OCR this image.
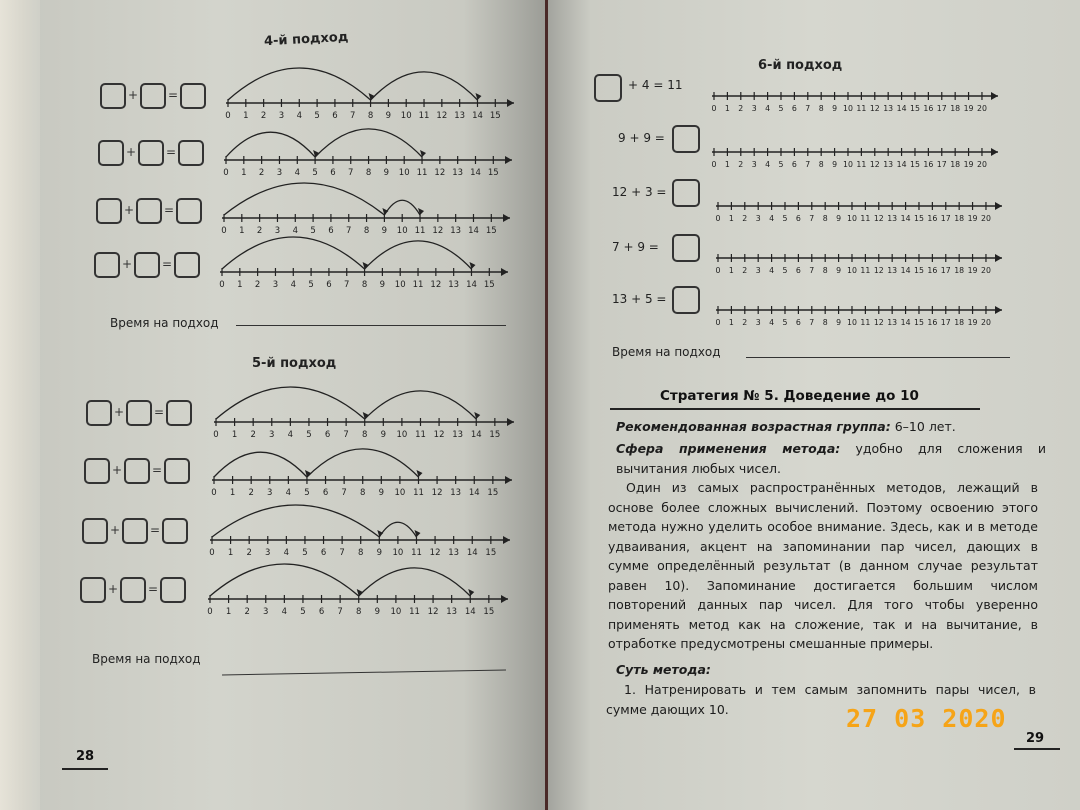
4-й подход
+ =
0 1 2 3 4 5 6 7 8 9 10 11 12 13 14 15
+ =
0 1 2 3 4 5 6 7 8 9 10 11 12 13 14 15
+ =
0 1 2 3 4 5 6 7 8 9 10 11 12 13 14 15
+ =
0 1 2 3 4 5 6 7 8 9 10 11 12 13 14 15
Время на подход
5-й подход
+ =
0 1 2 3 4 5 6 7 8 9 10 11 12 13 14 15
+ =
0 1 2 3 4 5 6 7 8 9 10 11 12 13 14 15
+ =
0 1 2 3 4 5 6 7 8 9 10 11 12 13 14 15
+ =
0 1 2 3 4 5 6 7 8 9 10 11 12 13 14 15
Время на подход
28
6-й подход
+ 4 = 11
9 + 9 =
12 + 3 =
7 + 9 =
13 + 5 =
0 1 2 3 4 5 6 7 8 9 10 11 12 13 14 15 16 17 18 19 20
0 1 2 3 4 5 6 7 8 9 10 11 12 13 14 15 16 17 18 19 20
0 1 2 3 4 5 6 7 8 9 10 11 12 13 14 15 16 17 18 19 20
0 1 2 3 4 5 6 7 8 9 10 11 12 13 14 15 16 17 18 19 20
0 1 2 3 4 5 6 7 8 9 10 11 12 13 14 15 16 17 18 19 20
Время на подход
Стратегия № 5. Доведение до 10
Рекомендованная возрастная группа: 6–10 лет.
Сфера применения метода: удобно для сложения и вычитания любых чисел.
Один из самых распространённых методов, лежащий в основе более сложных вычислений. Поэтому освоению этого метода нужно уделить особое внимание. Здесь, как и в методе удваивания, акцент на запоминании пар чисел, дающих в сумме определённый результат (в данном случае результат равен 10). Запоминание достигается большим числом повторений данных пар чисел. Для того чтобы уверенно применять метод как на сложение, так и на вычитание, в отработке предусмотрены смешанные примеры.
Суть метода:
1. Натренировать и тем самым запомнить пары чисел, в сумме дающих 10.
29
27 03 2020
